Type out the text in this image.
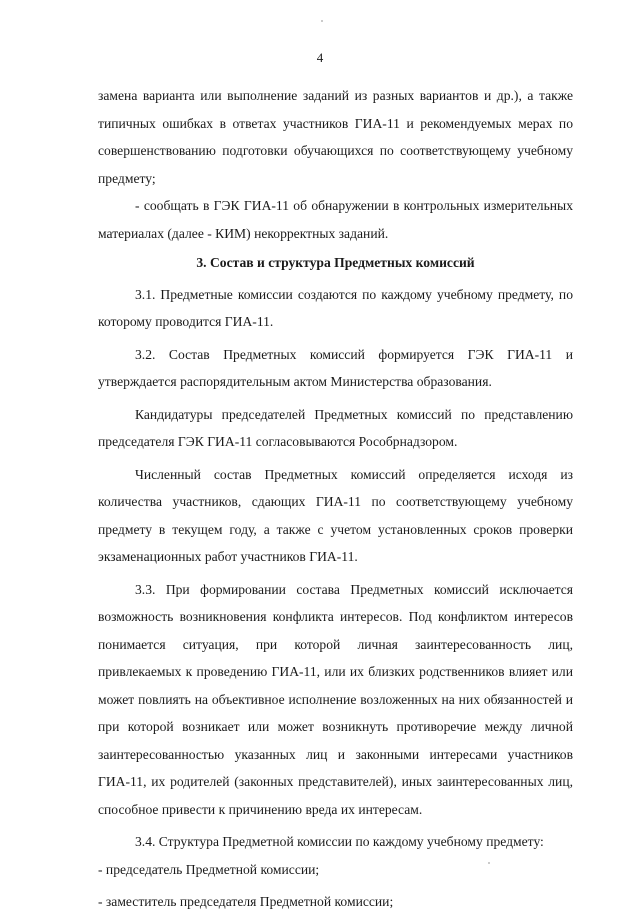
4

замена варианта или выполнение заданий из разных вариантов и др.), а также типичных ошибках в ответах участников ГИА-11 и рекомендуемых мерах по совершенствованию подготовки обучающихся по соответствующему учебному предмету;

- сообщать в ГЭК ГИА-11 об обнаружении в контрольных измерительных материалах (далее - КИМ) некорректных заданий.

3. Состав и структура Предметных комиссий

3.1. Предметные комиссии создаются по каждому учебному предмету, по которому проводится ГИА-11.

3.2. Состав Предметных комиссий формируется ГЭК ГИА-11 и утверждается распорядительным актом Министерства образования.

Кандидатуры председателей Предметных комиссий по представлению председателя ГЭК ГИА-11 согласовываются Рособрнадзором.

Численный состав Предметных комиссий определяется исходя из количества участников, сдающих ГИА-11 по соответствующему учебному предмету в текущем году, а также с учетом установленных сроков проверки экзаменационных работ участников ГИА-11.

3.3. При формировании состава Предметных комиссий исключается возможность возникновения конфликта интересов. Под конфликтом интересов понимается ситуация, при которой личная заинтересованность лиц, привлекаемых к проведению ГИА-11, или их близких родственников влияет или может повлиять на объективное исполнение возложенных на них обязанностей и при которой возникает или может возникнуть противоречие между личной заинтересованностью указанных лиц и законными интересами участников ГИА-11, их родителей (законных представителей), иных заинтересованных лиц, способное привести к причинению вреда их интересам.

3.4. Структура Предметной комиссии по каждому учебному предмету:

- председатель Предметной комиссии;

- заместитель председателя Предметной комиссии;
